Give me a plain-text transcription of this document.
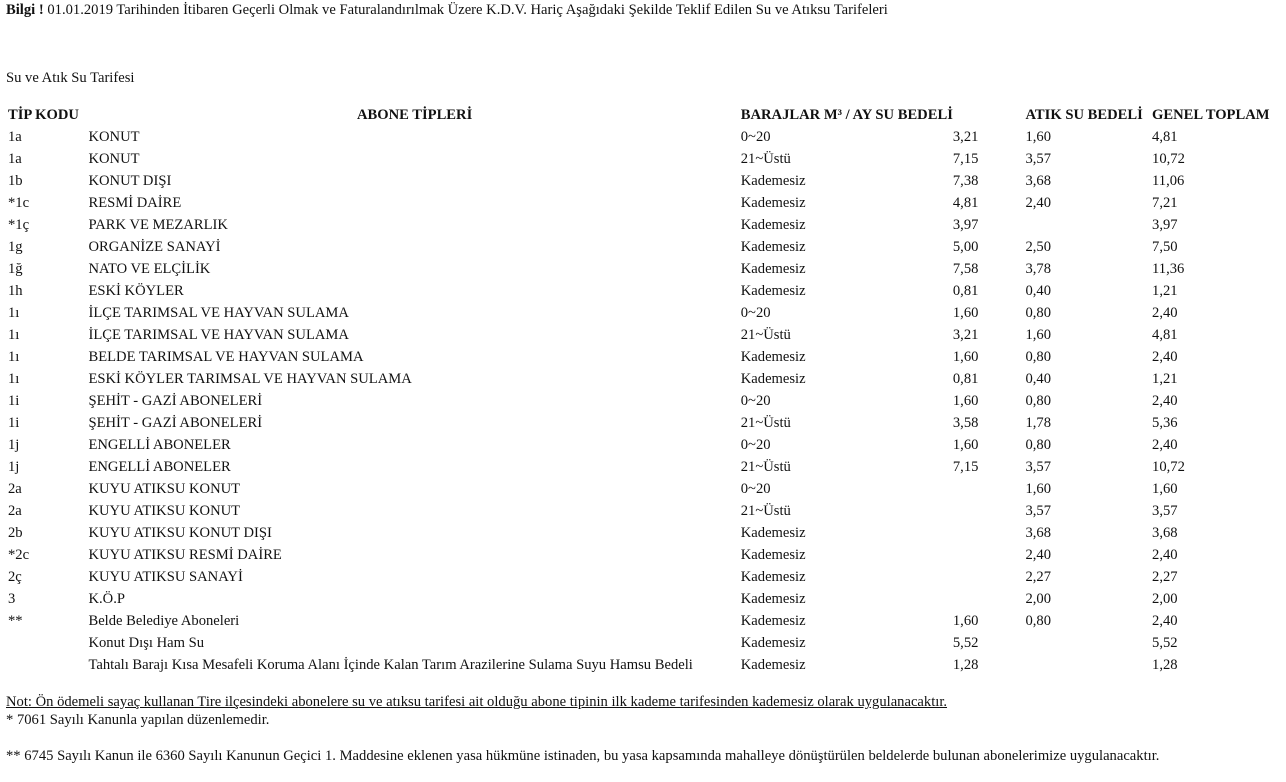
Bilgi ! 01.01.2019 Tarihinden İtibaren Geçerli Olmak ve Faturalandırılmak Üzere K.D.V. Hariç Aşağıdaki Şekilde Teklif Edilen Su ve Atıksu Tarifeleri
Su ve Atık Su Tarifesi
TİP KODU	ABONE TİPLERİ	BARAJLAR M³ / AY SU BEDELİ		ATIK SU BEDELİ	GENEL TOPLAM
1a	KONUT	0~20	3,21	1,60	4,81
1a	KONUT	21~Üstü	7,15	3,57	10,72
1b	KONUT DIŞI	Kademesiz	7,38	3,68	11,06
*1c	RESMİ DAİRE	Kademesiz	4,81	2,40	7,21
*1ç	PARK VE MEZARLIK	Kademesiz	3,97		3,97
1g	ORGANİZE SANAYİ	Kademesiz	5,00	2,50	7,50
1ğ	NATO VE ELÇİLİK	Kademesiz	7,58	3,78	11,36
1h	ESKİ KÖYLER	Kademesiz	0,81	0,40	1,21
1ı	İLÇE TARIMSAL VE HAYVAN SULAMA	0~20	1,60	0,80	2,40
1ı	İLÇE TARIMSAL VE HAYVAN SULAMA	21~Üstü	3,21	1,60	4,81
1ı	BELDE TARIMSAL VE HAYVAN SULAMA	Kademesiz	1,60	0,80	2,40
1ı	ESKİ KÖYLER TARIMSAL VE HAYVAN SULAMA	Kademesiz	0,81	0,40	1,21
1i	ŞEHİT - GAZİ ABONELERİ	0~20	1,60	0,80	2,40
1i	ŞEHİT - GAZİ ABONELERİ	21~Üstü	3,58	1,78	5,36
1j	ENGELLİ ABONELER	0~20	1,60	0,80	2,40
1j	ENGELLİ ABONELER	21~Üstü	7,15	3,57	10,72
2a	KUYU ATIKSU KONUT	0~20		1,60	1,60
2a	KUYU ATIKSU KONUT	21~Üstü		3,57	3,57
2b	KUYU ATIKSU KONUT DIŞI	Kademesiz		3,68	3,68
*2c	KUYU ATIKSU RESMİ DAİRE	Kademesiz		2,40	2,40
2ç	KUYU ATIKSU SANAYİ	Kademesiz		2,27	2,27
3	K.Ö.P	Kademesiz		2,00	2,00
**	Belde Belediye Aboneleri	Kademesiz	1,60	0,80	2,40
	Konut Dışı Ham Su	Kademesiz	5,52		5,52
	Tahtalı Barajı Kısa Mesafeli Koruma Alanı İçinde Kalan Tarım Arazilerine Sulama Suyu Hamsu Bedeli	Kademesiz	1,28		1,28
Not: Ön ödemeli sayaç kullanan Tire ilçesindeki abonelere su ve atıksu tarifesi ait olduğu abone tipinin ilk kademe tarifesinden kademesiz olarak uygulanacaktır.
* 7061 Sayılı Kanunla yapılan düzenlemedir.
** 6745 Sayılı Kanun ile 6360 Sayılı Kanunun Geçici 1. Maddesine eklenen yasa hükmüne istinaden, bu yasa kapsamında mahalleye dönüştürülen beldelerde bulunan abonelerimize uygulanacaktır.
